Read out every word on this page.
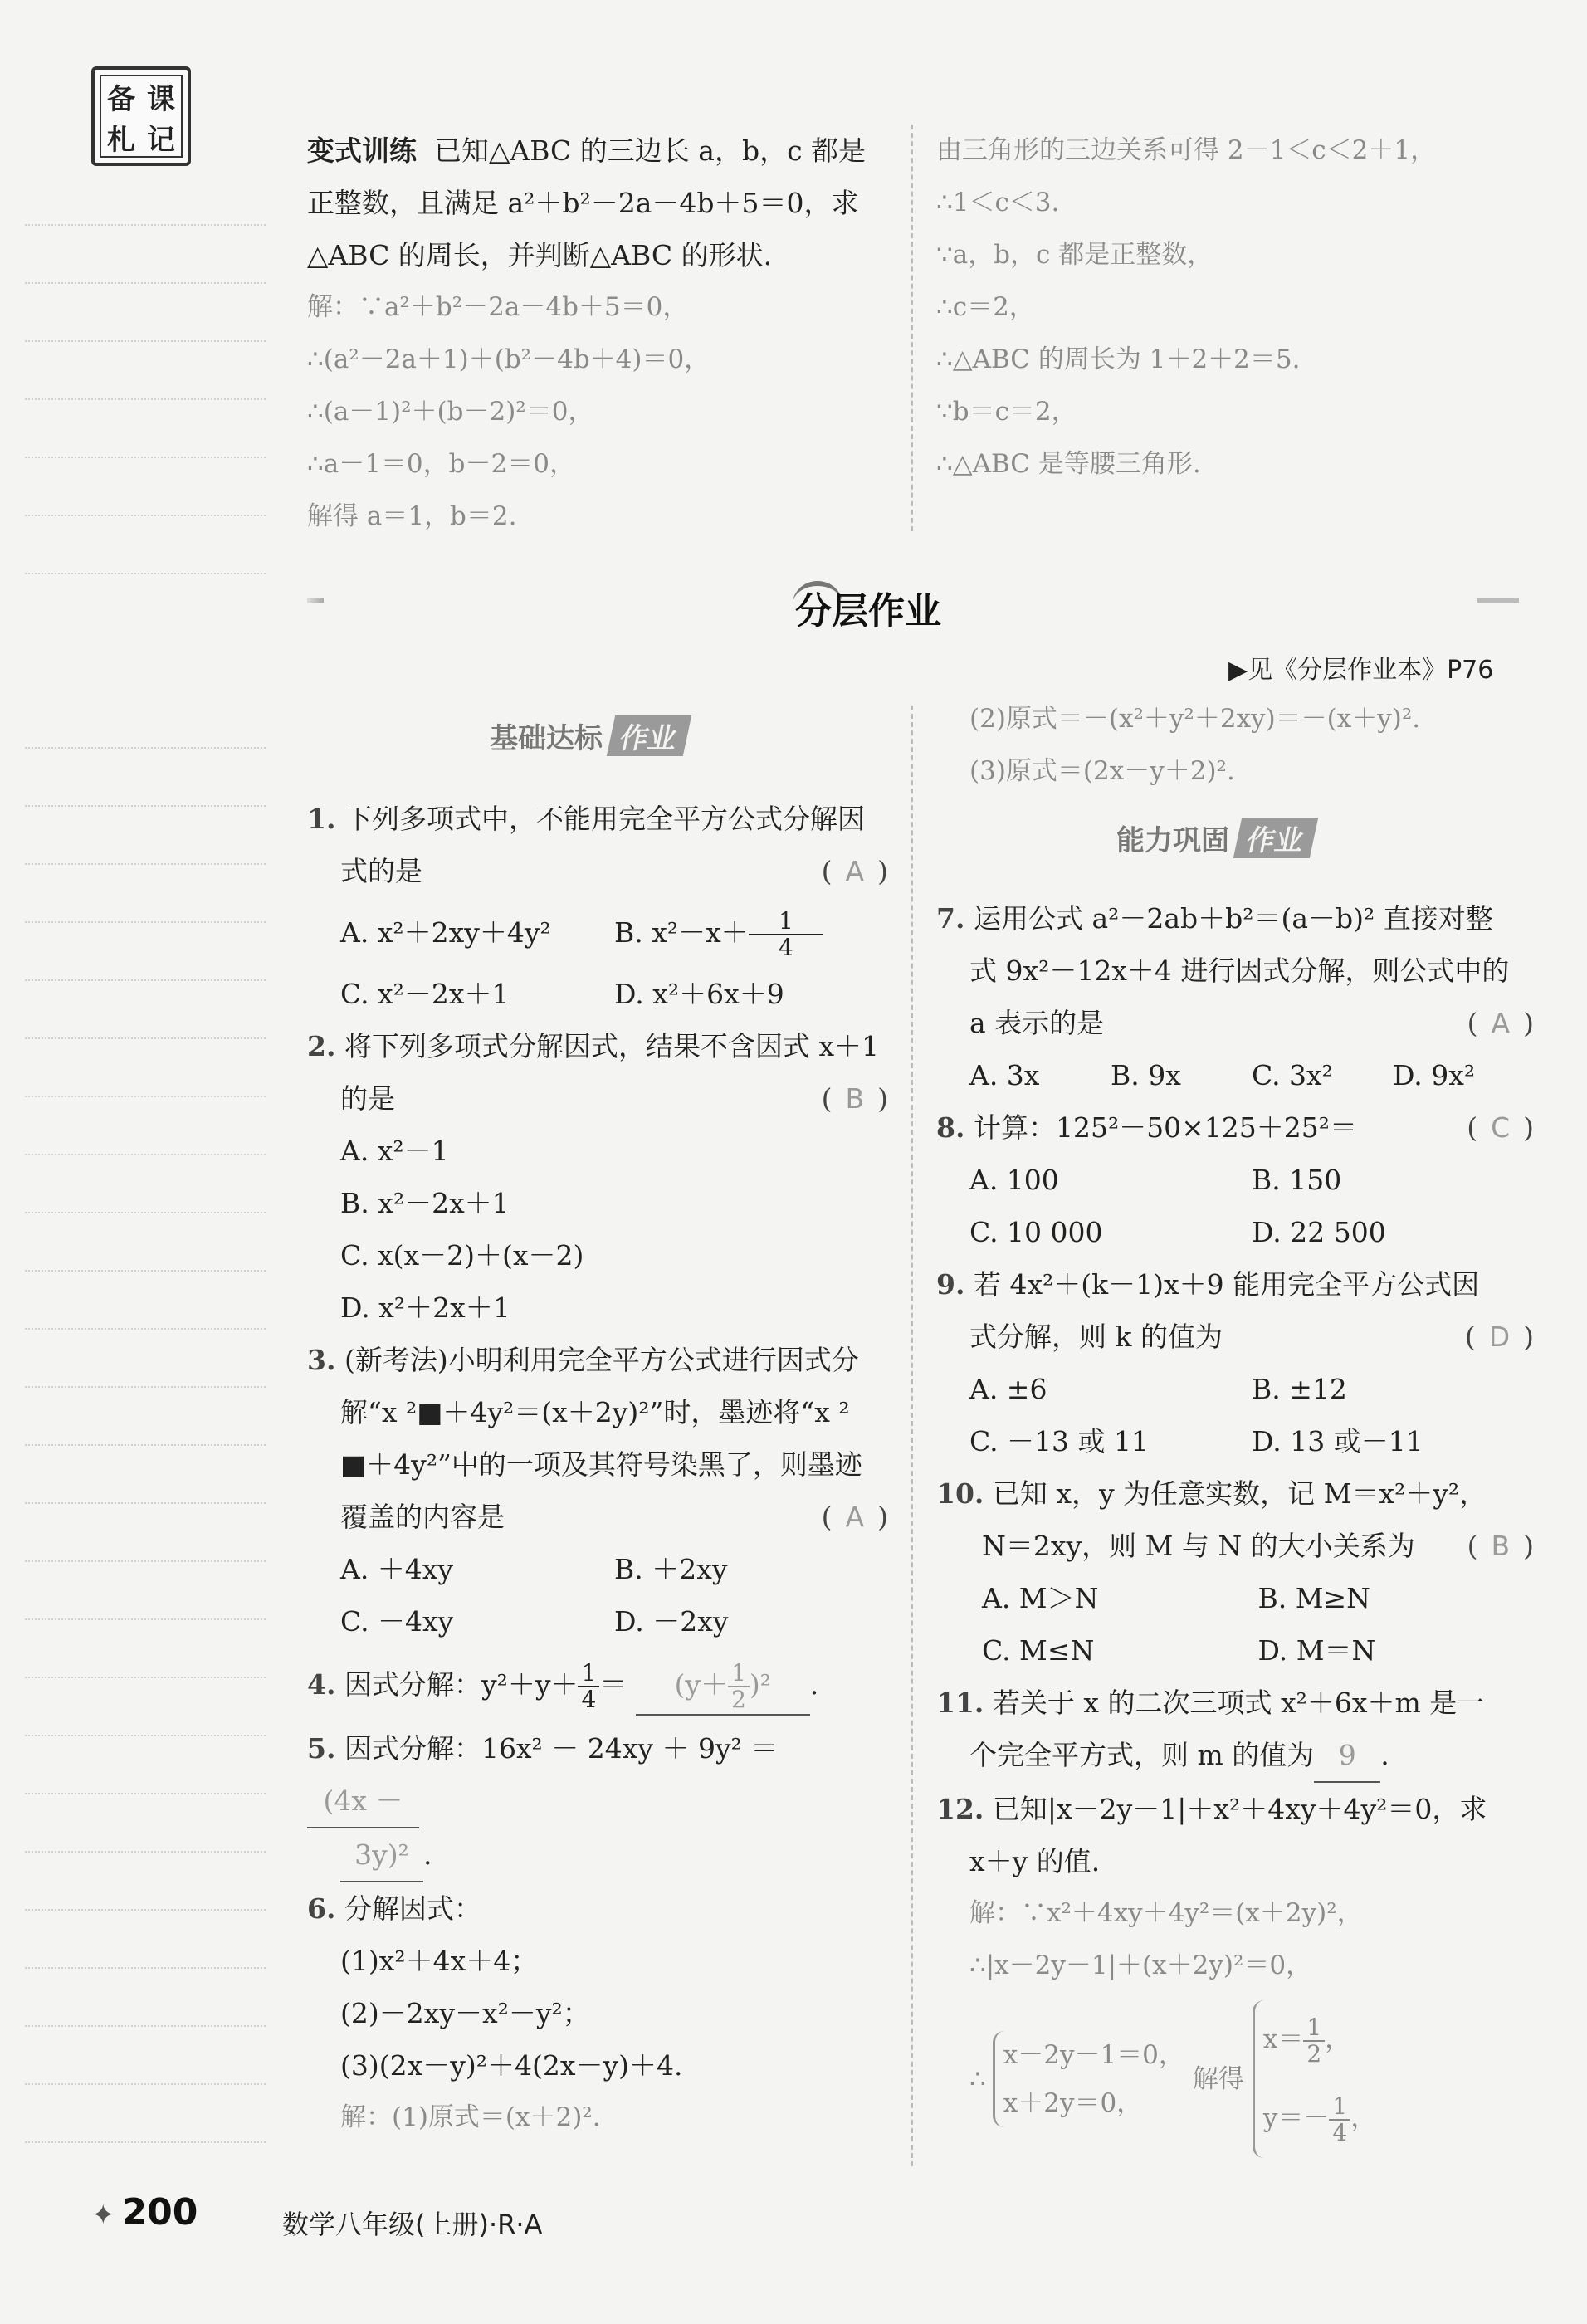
备 课
札 记	变式训练 已知△ABC 的三边长 a，b，c 都是
正整数，且满足 a²＋b²－2a－4b＋5＝0，求
△ABC 的周长，并判断△ABC 的形状.
解：∵a²＋b²－2a－4b＋5＝0，
∴(a²－2a＋1)＋(b²－4b＋4)＝0，
∴(a－1)²＋(b－2)²＝0，
∴a－1＝0，b－2＝0，
解得 a＝1，b＝2.
由三角形的三边关系可得 2－1＜c＜2＋1，
∴1＜c＜3.
∵a，b，c 都是正整数，
∴c＝2，
∴△ABC 的周长为 1＋2＋2＝5.
∵b＝c＝2，
∴△ABC 是等腰三角形.
分层作业
▶见《分层作业本》P76
基础达标 作业
1. 下列多项式中，不能用完全平方公式分解因
式的是	( A )
A. x²＋2xy＋4y²	B. $x^2-x+ \frac{1}{4}$
C. x²－2x＋1	D. x²＋6x＋9
2. 将下列多项式分解因式，结果不含因式 x＋1
的是	( B )
A. x²－1
B. x²－2x＋1
C. x(x－2)＋(x－2)
D. x²＋2x＋1
3. (新考法)小明利用完全平方公式进行因式分
解“x ²■＋4y²＝(x＋2y)²”时，墨迹将“x ²
■＋4y²”中的一项及其符号染黑了，则墨迹
覆盖的内容是	( A )
A. ＋4xy	B. ＋2xy
C. －4xy	D. －2xy
4. 因式分解：$y^2+y+ \frac{1}{4} = (y+ \frac{1}{2} )^2$ .
5. 因式分解：16x² － 24xy ＋ 9y² ＝(4x －
3y)² .
6. 分解因式：
(1)x²＋4x＋4；
(2)－2xy－x²－y²；
(3)(2x－y)²＋4(2x－y)＋4.
解：(1)原式＝(x＋2)².
(2)原式＝－(x²＋y²＋2xy)＝－(x＋y)².
(3)原式＝(2x－y＋2)².
能力巩固 作业
7. 运用公式 a²－2ab＋b²＝(a－b)² 直接对整
式 9x²－12x＋4 进行因式分解，则公式中的
a 表示的是	( A )
A. 3x	B. 9x	C. 3x²	D. 9x²
8. 计算：125²－50×125＋25²＝	( C )
A. 100	B. 150
C. 10 000	D. 22 500
9. 若 4x²＋(k－1)x＋9 能用完全平方公式因
式分解，则 k 的值为	( D )
A. ±6	B. ±12
C. －13 或 11	D. 13 或－11
10. 已知 x，y 为任意实数，记 M＝x²＋y²，
N＝2xy，则 M 与 N 的大小关系为 ( B )
A. M＞N	B. M≥N
C. M≤N	D. M＝N
11. 若关于 x 的二次三项式 x²＋6x＋m 是一
个完全平方式，则 m 的值为 9 .
12. 已知|x－2y－1|＋x²＋4xy＋4y²＝0，求
x＋y 的值.
解：∵x²＋4xy＋4y²＝(x＋2y)²，
∴|x－2y－1|＋(x＋2y)²＝0，
∴
x－2y－1＝0，
x＋2y＝0，
解得
$x= \frac{1}{2}$ ，
$y=- \frac{1}{4}$ ，
✦ 200	数学八年级(上册)·R·A
